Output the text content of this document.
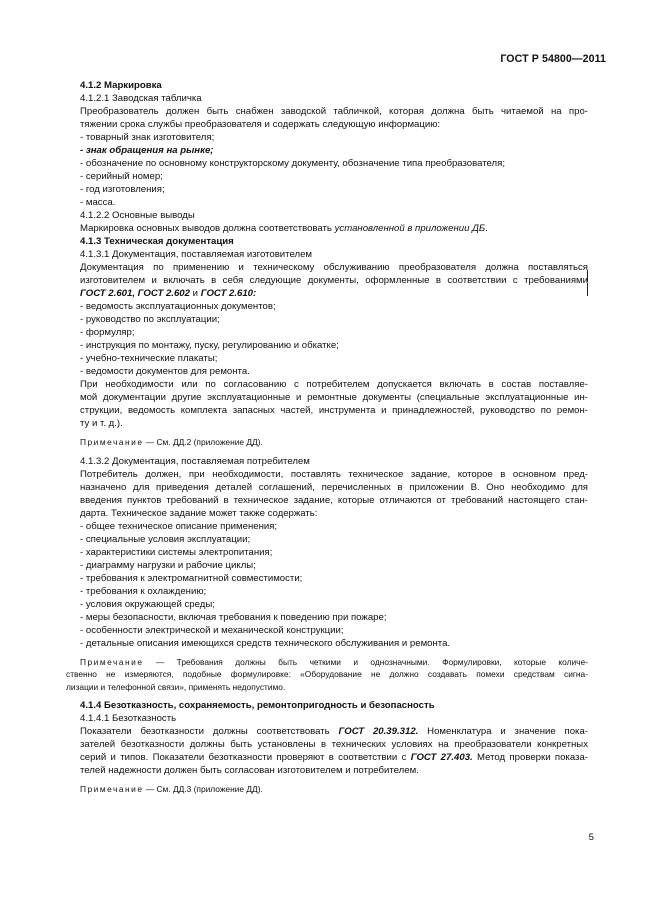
ГОСТ Р 54800—2011
4.1.2 Маркировка
4.1.2.1 Заводская табличка
Преобразователь должен быть снабжен заводской табличкой, которая должна быть читаемой на про-
тяжении срока службы преобразователя и содержать следующую информацию:
- товарный знак изготовителя;
- знак обращения на рынке;
- обозначение по основному конструкторскому документу, обозначение типа преобразователя;
- серийный номер;
- год изготовления;
- масса.
4.1.2.2 Основные выводы
Маркировка основных выводов должна соответствовать установленной в приложении ДБ.
4.1.3 Техническая документация
4.1.3.1 Документация, поставляемая изготовителем
Документация по применению и техническому обслуживанию преобразователя должна поставляться
изготовителем и включать в себя следующие документы, оформленные в соответствии с требованиями
ГОСТ 2.601, ГОСТ 2.602 и ГОСТ 2.610:
- ведомость эксплуатационных документов;
- руководство по эксплуатации;
- формуляр;
- инструкция по монтажу, пуску, регулированию и обкатке;
- учебно-технические плакаты;
- ведомости документов для ремонта.
При необходимости или по согласованию с потребителем допускается включать в состав поставляе-
мой документации другие эксплуатационные и ремонтные документы (специальные эксплуатационные ин-
струкции, ведомость комплекта запасных частей, инструмента и принадлежностей, руководство по ремон-
ту и т. д.).
Примечание — См. ДД.2 (приложение ДД).
4.1.3.2 Документация, поставляемая потребителем
Потребитель должен, при необходимости, поставлять техническое задание, которое в основном пред-
назначено для приведения деталей соглашений, перечисленных в приложении В. Оно необходимо для
введения пунктов требований в техническое задание, которые отличаются от требований настоящего стан-
дарта. Техническое задание может также содержать:
- общее техническое описание применения;
- специальные условия эксплуатации;
- характеристики системы электропитания;
- диаграмму нагрузки и рабочие циклы;
- требования к электромагнитной совместимости;
- требования к охлаждению;
- условия окружающей среды;
- меры безопасности, включая требования к поведению при пожаре;
- особенности электрической и механической конструкции;
- детальные описания имеющихся средств технического обслуживания и ремонта.
Примечание — Требования должны быть четкими и однозначными. Формулировки, которые количе-
ственно не измеряются, подобные формулировке: «Оборудование не должно создавать помехи средствам сигна-
лизации и телефонной связи», применять недопустимо.
4.1.4 Безотказность, сохраняемость, ремонтопригодность и безопасность
4.1.4.1 Безотказность
Показатели безотказности должны соответствовать ГОСТ 20.39.312. Номенклатура и значение пока-
зателей безотказности должны быть установлены в технических условиях на преобразователи конкретных
серий и типов. Показатели безотказности проверяют в соответствии с ГОСТ 27.403. Метод проверки показа-
телей надежности должен быть согласован изготовителем и потребителем.
Примечание — См. ДД.3 (приложение ДД).
5
